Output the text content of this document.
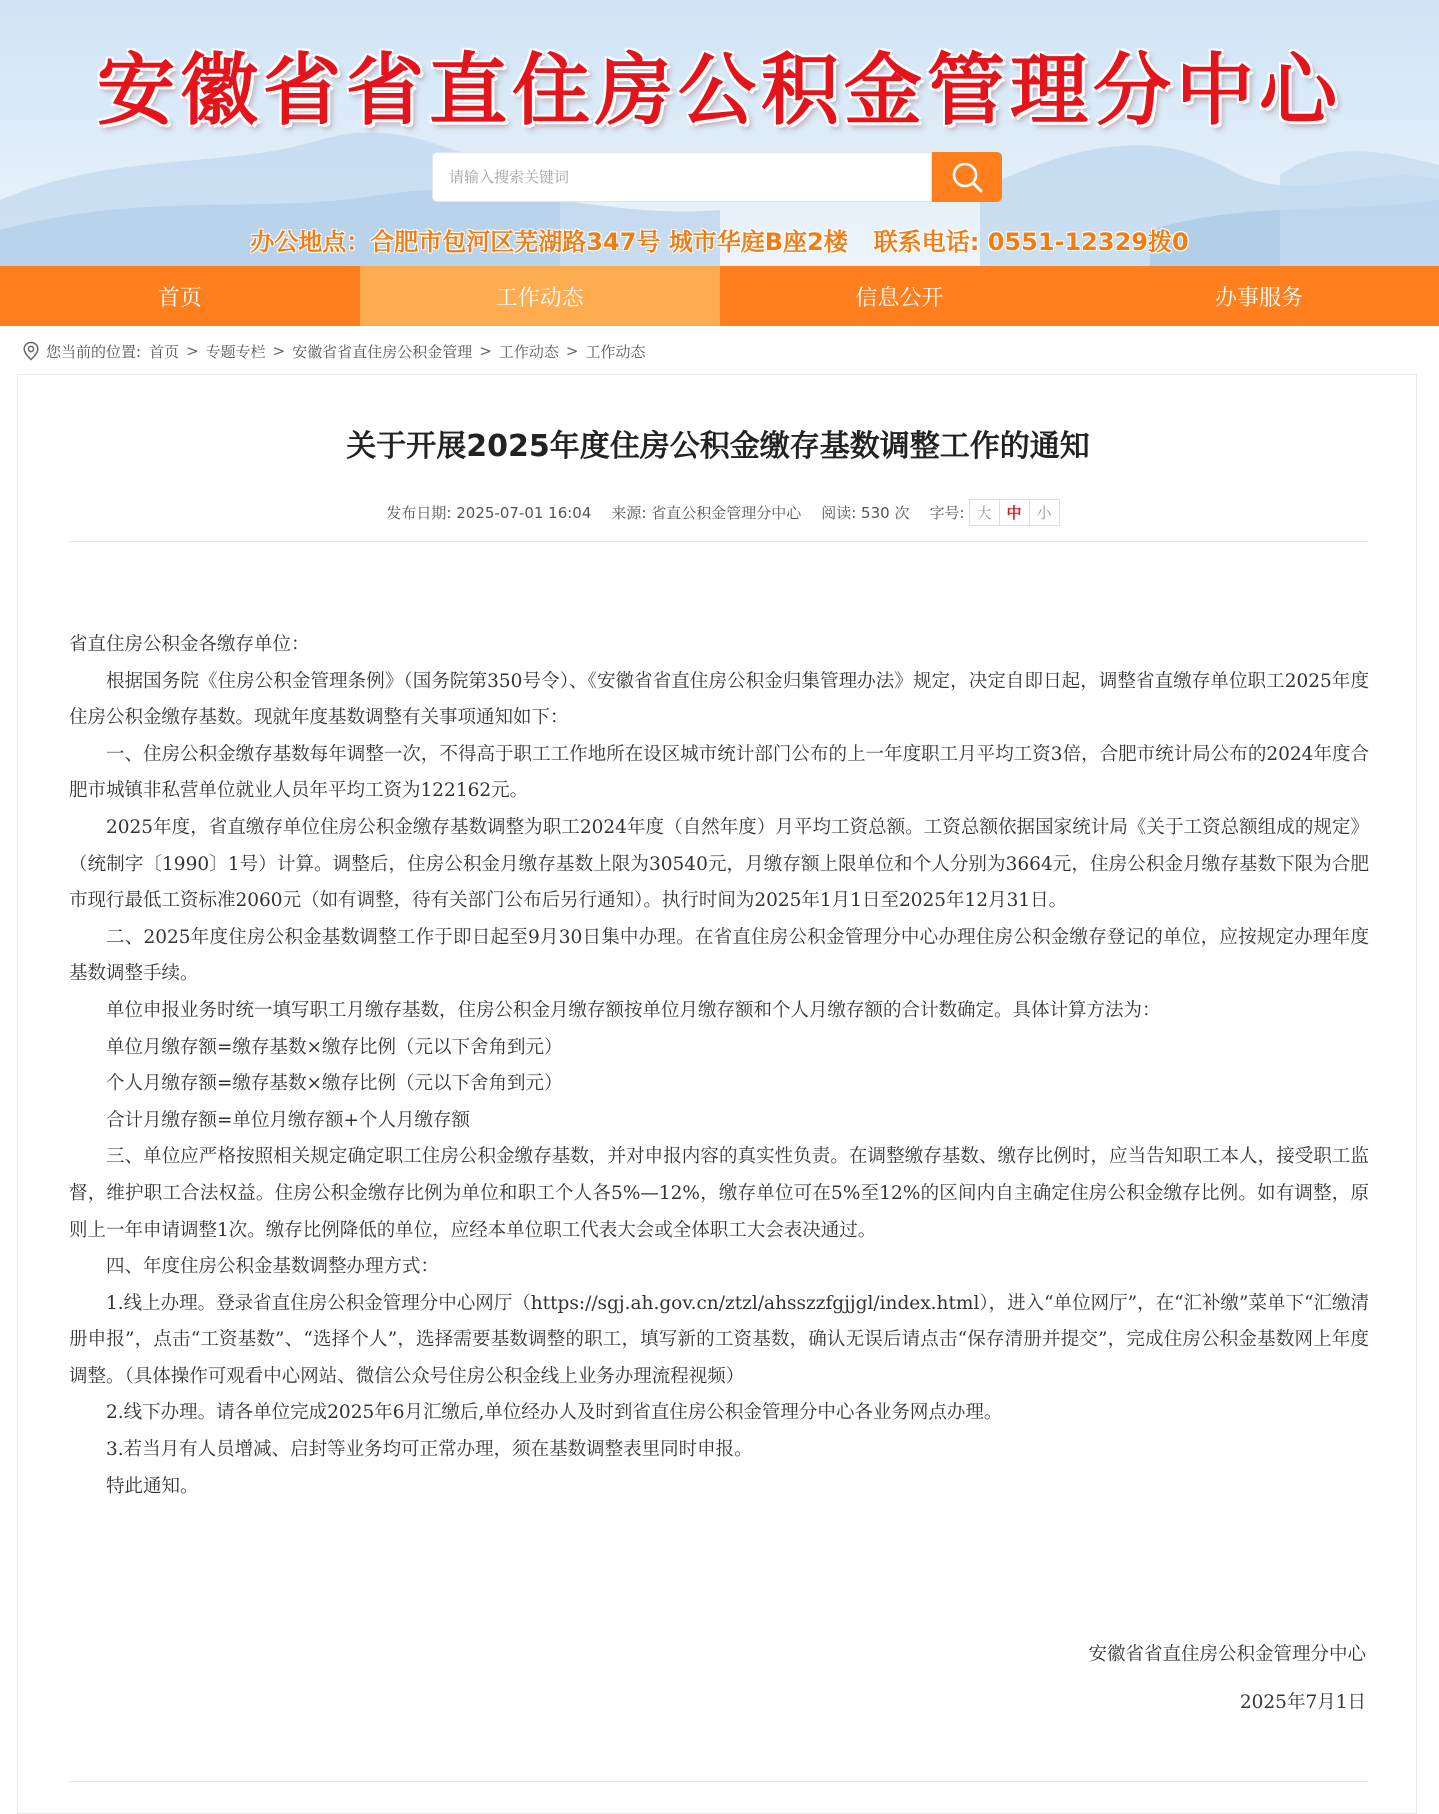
安徽省省直住房公积金管理分中心
请输入搜索关键词
办公地点：合肥市包河区芜湖路347号 城市华庭B座2楼 联系电话: 0551-12329拨0
首页	工作动态	信息公开	办事服务
您当前的位置: 首页 > 专题专栏 > 安徽省省直住房公积金管理 > 工作动态 > 工作动态
关于开展2025年度住房公积金缴存基数调整工作的通知
发布日期: 2025-07-01 16:04 来源: 省直公积金管理分中心 阅读: 530 次 字号: 大	中	小

省直住房公积金各缴存单位：

根据国务院《住房公积金管理条例》（国务院第350号令）、《安徽省省直住房公积金归集管理办法》规定，决定自即日起，调整省直缴存单位职工2025年度住房公积金缴存基数。现就年度基数调整有关事项通知如下：

一、住房公积金缴存基数每年调整一次，不得高于职工工作地所在设区城市统计部门公布的上一年度职工月平均工资3倍，合肥市统计局公布的2024年度合肥市城镇非私营单位就业人员年平均工资为122162元。

2025年度，省直缴存单位住房公积金缴存基数调整为职工2024年度（自然年度）月平均工资总额。工资总额依据国家统计局《关于工资总额组成的规定》（统制字〔1990〕1号）计算。调整后，住房公积金月缴存基数上限为30540元，月缴存额上限单位和个人分别为3664元，住房公积金月缴存基数下限为合肥市现行最低工资标准2060元（如有调整，待有关部门公布后另行通知）。执行时间为2025年1月1日至2025年12月31日。

二、2025年度住房公积金基数调整工作于即日起至9月30日集中办理。在省直住房公积金管理分中心办理住房公积金缴存登记的单位，应按规定办理年度基数调整手续。

单位申报业务时统一填写职工月缴存基数，住房公积金月缴存额按单位月缴存额和个人月缴存额的合计数确定。具体计算方法为：

单位月缴存额=缴存基数×缴存比例（元以下舍角到元）

个人月缴存额=缴存基数×缴存比例（元以下舍角到元）

合计月缴存额=单位月缴存额+个人月缴存额

三、单位应严格按照相关规定确定职工住房公积金缴存基数，并对申报内容的真实性负责。在调整缴存基数、缴存比例时，应当告知职工本人，接受职工监督，维护职工合法权益。住房公积金缴存比例为单位和职工个人各5%—12%，缴存单位可在5%至12%的区间内自主确定住房公积金缴存比例。如有调整，原则上一年申请调整1次。缴存比例降低的单位，应经本单位职工代表大会或全体职工大会表决通过。

四、年度住房公积金基数调整办理方式：

1.线上办理。登录省直住房公积金管理分中心网厅（https://sgj.ah.gov.cn/ztzl/ahsszzfgjjgl/index.html），进入“单位网厅”，在“汇补缴”菜单下“汇缴清册申报”，点击“工资基数”、“选择个人”，选择需要基数调整的职工，填写新的工资基数，确认无误后请点击“保存清册并提交”，完成住房公积金基数网上年度调整。（具体操作可观看中心网站、微信公众号住房公积金线上业务办理流程视频）

2.线下办理。请各单位完成2025年6月汇缴后,单位经办人及时到省直住房公积金管理分中心各业务网点办理。

3.若当月有人员增减、启封等业务均可正常办理，须在基数调整表里同时申报。

特此通知。

安徽省省直住房公积金管理分中心
2025年7月1日
